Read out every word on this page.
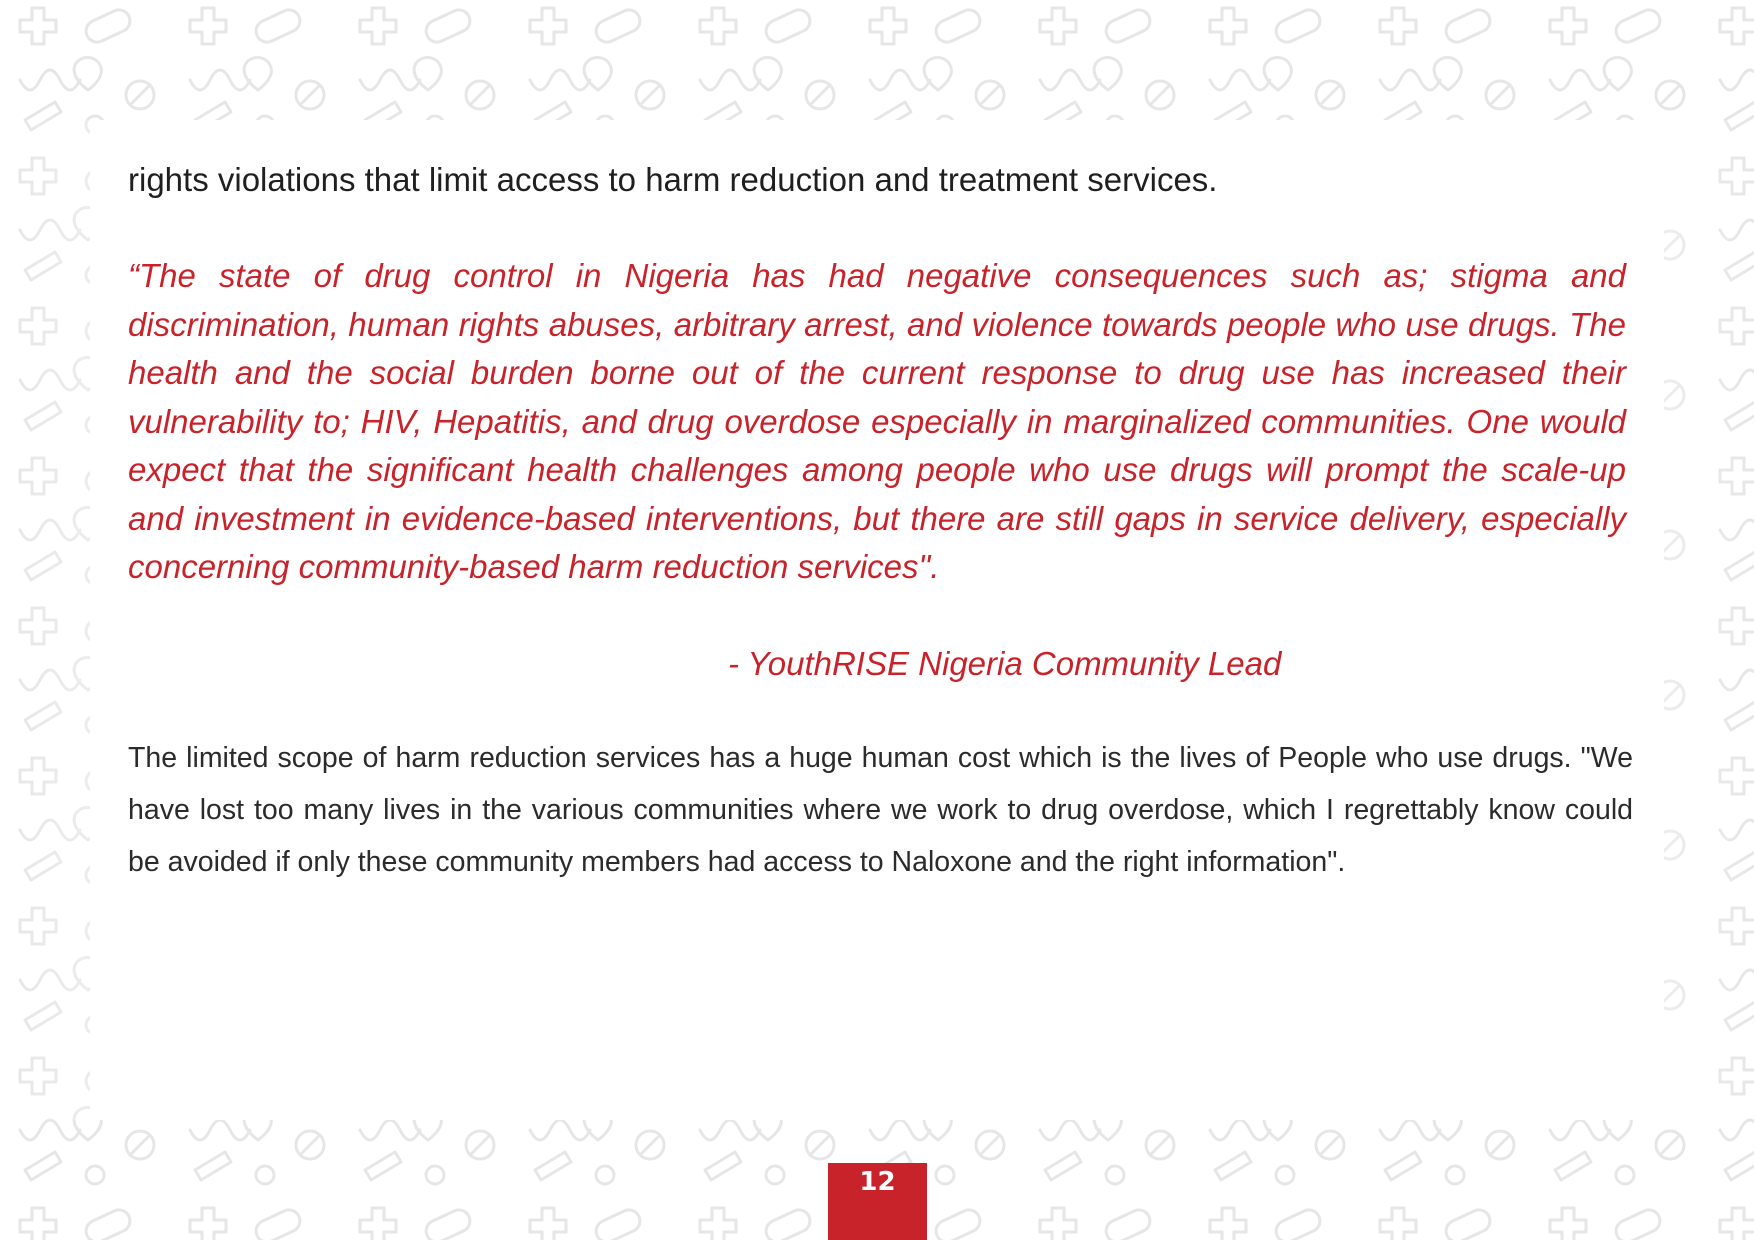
rights violations that limit access to harm reduction and treatment services.
“The state of drug control in Nigeria has had negative consequences such as; stigma and discrimination, human rights abuses, arbitrary arrest, and violence towards people who use drugs. The health and the social burden borne out of the current response to drug use has increased their vulnerability to; HIV, Hepatitis, and drug overdose especially in marginalized communities. One would expect that the significant health challenges among people who use drugs will prompt the scale-up and investment in evidence-based interventions, but there are still gaps in service delivery, especially concerning community-based harm reduction services".
- YouthRISE Nigeria Community Lead
The limited scope of harm reduction services has a huge human cost which is the lives of People who use drugs. "We have lost too many lives in the various communities where we work to drug overdose, which I regrettably know could be avoided if only these community members had access to Naloxone and the right information".
12
